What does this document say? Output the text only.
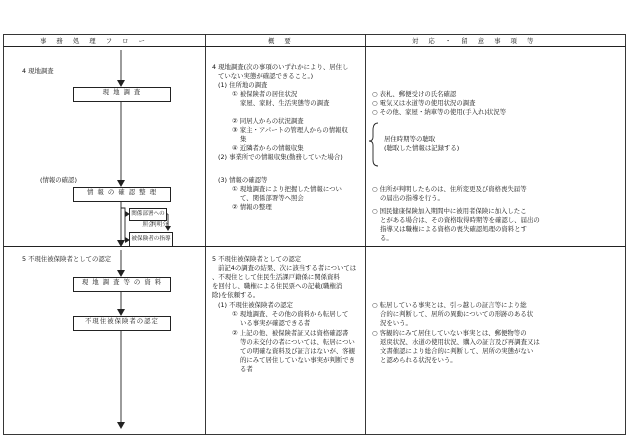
事 務 処 理 フ ロ ー	概 要	対 応 ・ 留 意 事 項 等
4 現地調査
現 地 調 査
(情報の確認)
情 報 の 確 認 整 理
関係部署への照会
判明分
被保険者の指導
5 不現住被保険者としての認定
現 地 調 査 等 の 資 料
不現住被保険者の認定
4 現地調査(次の事項のいずれかにより、居住し
ていない実態が確認できること。)
(1) 住所地の調査
① 被保険者の居住状況
家屋、家財、生活実態等の調査
② 同居人からの状況調査
③ 家主・アパートの管理人からの情報収
集
④ 近隣者からの情報収集
(2) 事業所での情報収集(勤務していた場合)
(3) 情報の確認等
① 現地調査により把握した情報につい
て、関係部署等へ照会
② 情報の整理
5 不現住被保険者としての認定
前記4の調査の結果、次に該当する者については
、不現住として住民生活課戸籍係に関係資料
を回付し、職権による住民票への記載(職権消
除)を依頼する。
(1) 不現住被保険者の認定
① 現地調査、その他の資料から転居して
いる事実が確認できる者
② 上記の他、被保険者証又は資格確認書
等の未交付の者については、転居につい
ての明確な資料及び証言はないが、客観
的にみて居住していない事実が判断でき
る者
○ 表札、郵便受けの氏名確認
○ 電気又は水道等の使用状況の調査
○ その他、家屋・納車等の使用(手入れ)状況等
居住時期等の聴取
(聴取した情報は記録する)
○ 住所が判明したものは、住所変更及び資格喪失届等
の届出の指導を行う。
○ 国民健康保険加入期間中に被用者保険に加入したこ
とがある場合は、その資格取得時期等を確認し、届出の
指導又は職権による資格の喪失確認処理の資料とす
る。
○ 転居している事実とは、引っ越しの証言等により総
合的に判断して、居所の異動についての形跡のある状
況をいう。
○ 客観的にみて居住していない事実とは、郵便物等の
返戻状況、水道の使用状況、購入の証言及び再調査又は
文書催認により総合的に判断して、居所の実態がない
と認められる状況をいう。
